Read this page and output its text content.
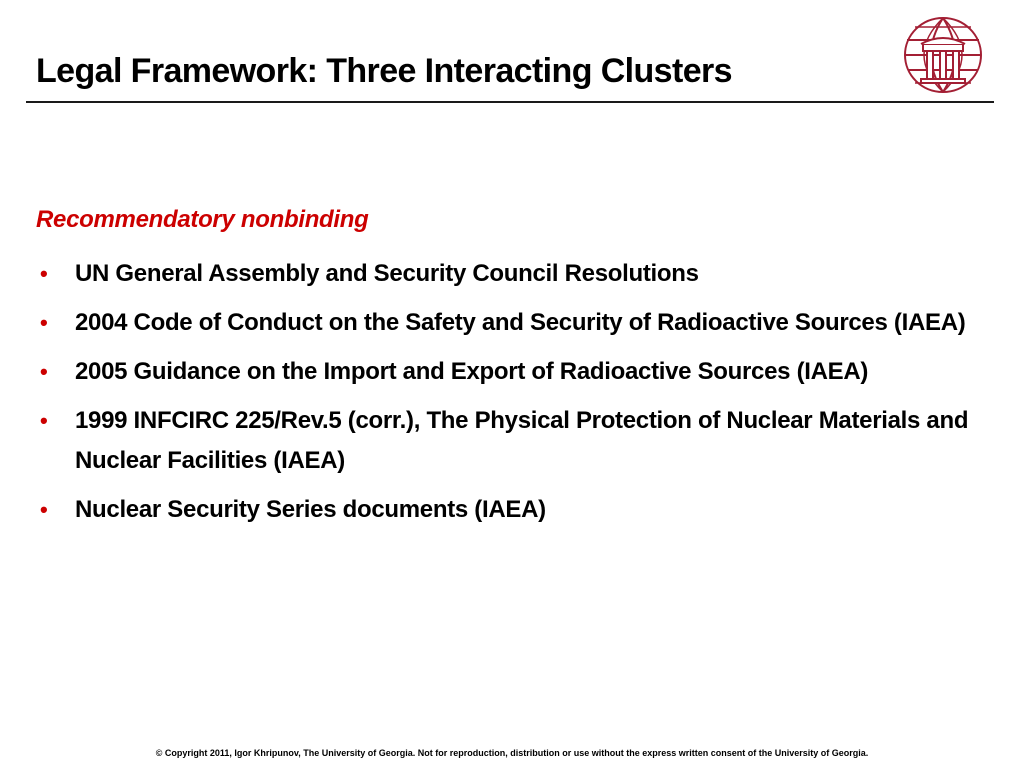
Legal Framework: Three Interacting Clusters
Recommendatory nonbinding
• UN General Assembly and Security Council Resolutions
• 2004 Code of Conduct on the Safety and Security of Radioactive Sources (IAEA)
• 2005 Guidance on the Import and Export of Radioactive Sources (IAEA)
• 1999 INFCIRC 225/Rev.5 (corr.), The Physical Protection of Nuclear Materials and Nuclear Facilities (IAEA)
• Nuclear Security Series documents (IAEA)
© Copyright 2011, Igor Khripunov, The University of Georgia. Not for reproduction, distribution or use without the express written consent of the University of Georgia.
